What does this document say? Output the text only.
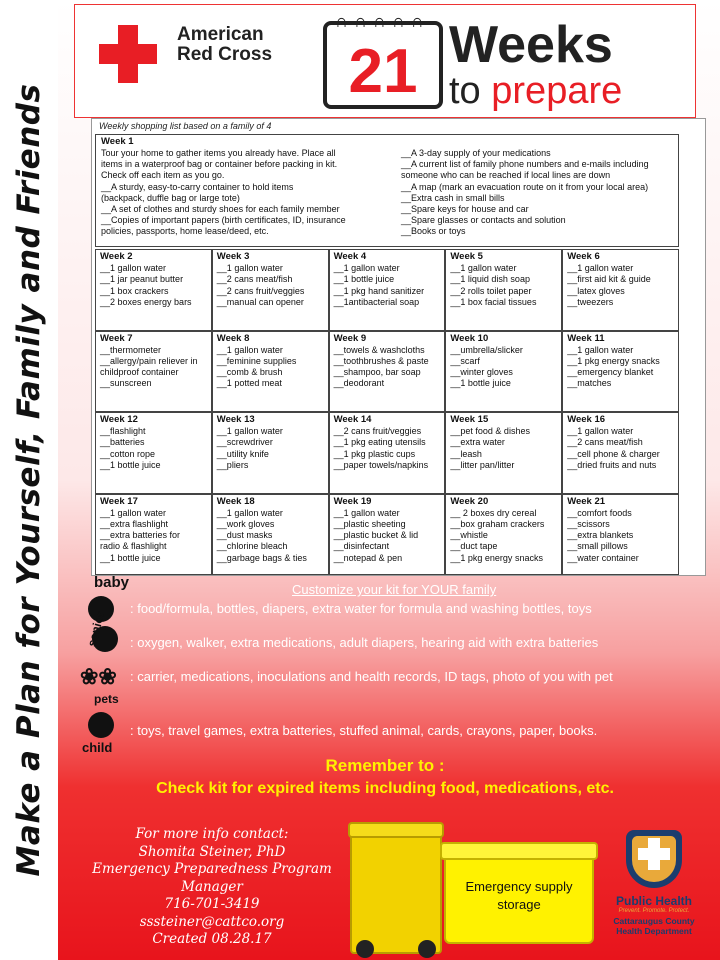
Make a Plan for Yourself, Family and Friends
American
Red Cross
∩∩∩∩∩
21 Weeks
to prepare
Weekly shopping list based on a family of 4
Week 1
Tour your home to gather items you already have. Place all
items in a waterproof bag or container before packing in kit.
Check off each item as you go.
__A sturdy, easy-to-carry container to hold items
(backpack, duffle bag or large tote)
__A set of clothes and sturdy shoes for each family member
__Copies of important papers (birth certificates, ID, insurance
policies, passports, home lease/deed, etc.
__A 3-day supply of your medications
__A current list of family phone numbers and e-mails including
someone who can be reached if local lines are down
__A map (mark an evacuation route on it from your local area)
__Extra cash in small bills
__Spare keys for house and car
__Spare glasses or contacts and solution
__Books or toys
Week 2
__1 gallon water
__1 jar peanut butter
__1 box crackers
__2 boxes energy bars
Week 3
__1 gallon water
__2 cans meat/fish
__2 cans fruit/veggies
__manual can opener
Week 4
__1 gallon water
__1 bottle juice
__1 pkg hand sanitizer
__1antibacterial soap
Week 5
__1 gallon water
__1 liquid dish soap
__2 rolls toilet paper
__1 box facial tissues
Week 6
__1 gallon water
__first aid kit & guide
__latex gloves
__tweezers
Week 7
__thermometer
__allergy/pain reliever in
childproof container
__sunscreen
Week 8
__1 gallon water
__feminine supplies
__comb & brush
__1 potted meat
Week 9
__towels & washcloths
__toothbrushes & paste
__shampoo, bar soap
__deodorant
Week 10
__umbrella/slicker
__scarf
__winter gloves
__1 bottle juice
Week 11
__1 gallon water
__1 pkg energy snacks
__emergency blanket
__matches
Week 12
__flashlight
__batteries
__cotton rope
__1 bottle juice
Week 13
__1 gallon water
__screwdriver
__utility knife
__pliers
Week 14
__2 cans fruit/veggies
__1 pkg eating utensils
__1 pkg plastic cups
__paper towels/napkins
Week 15
__pet food & dishes
__extra water
__leash
__litter pan/litter
Week 16
__1 gallon water
__2 cans meat/fish
__cell phone & charger
__dried fruits and nuts
Week 17
__1 gallon water
__extra flashlight
__extra batteries for
radio & flashlight
__1 bottle juice
Week 18
__1 gallon water
__work gloves
__dust masks
__chlorine bleach
__garbage bags & ties
Week 19
__1 gallon water
__plastic sheeting
__plastic bucket & lid
__disinfectant
__notepad & pen
Week 20
__ 2 boxes dry cereal
__box graham crackers
__whistle
__duct tape
__1 pkg energy snacks
Week 21
__comfort foods
__scissors
__extra blankets
__small pillows
__water container
Customize your kit for YOUR family
baby
: food/formula, bottles, diapers, extra water for formula and washing bottles, toys
senior : oxygen, walker, extra medications, adult diapers, hearing aid with extra batteries
❀❀
pets
: carrier, medications, inoculations and health records, ID tags, photo of you with pet
child
: toys, travel games, extra batteries, stuffed animal, cards, crayons, paper, books.
Remember to :
Check kit for expired items including food, medications, etc.
For more info contact:
Shomita Steiner, PhD
Emergency Preparedness Program
Manager
716-701-3419
sssteiner@cattco.org
Created 08.28.17
Emergency supply storage	Public Health
Prevent. Promote. Protect.
Cattaraugus County
Health Department
